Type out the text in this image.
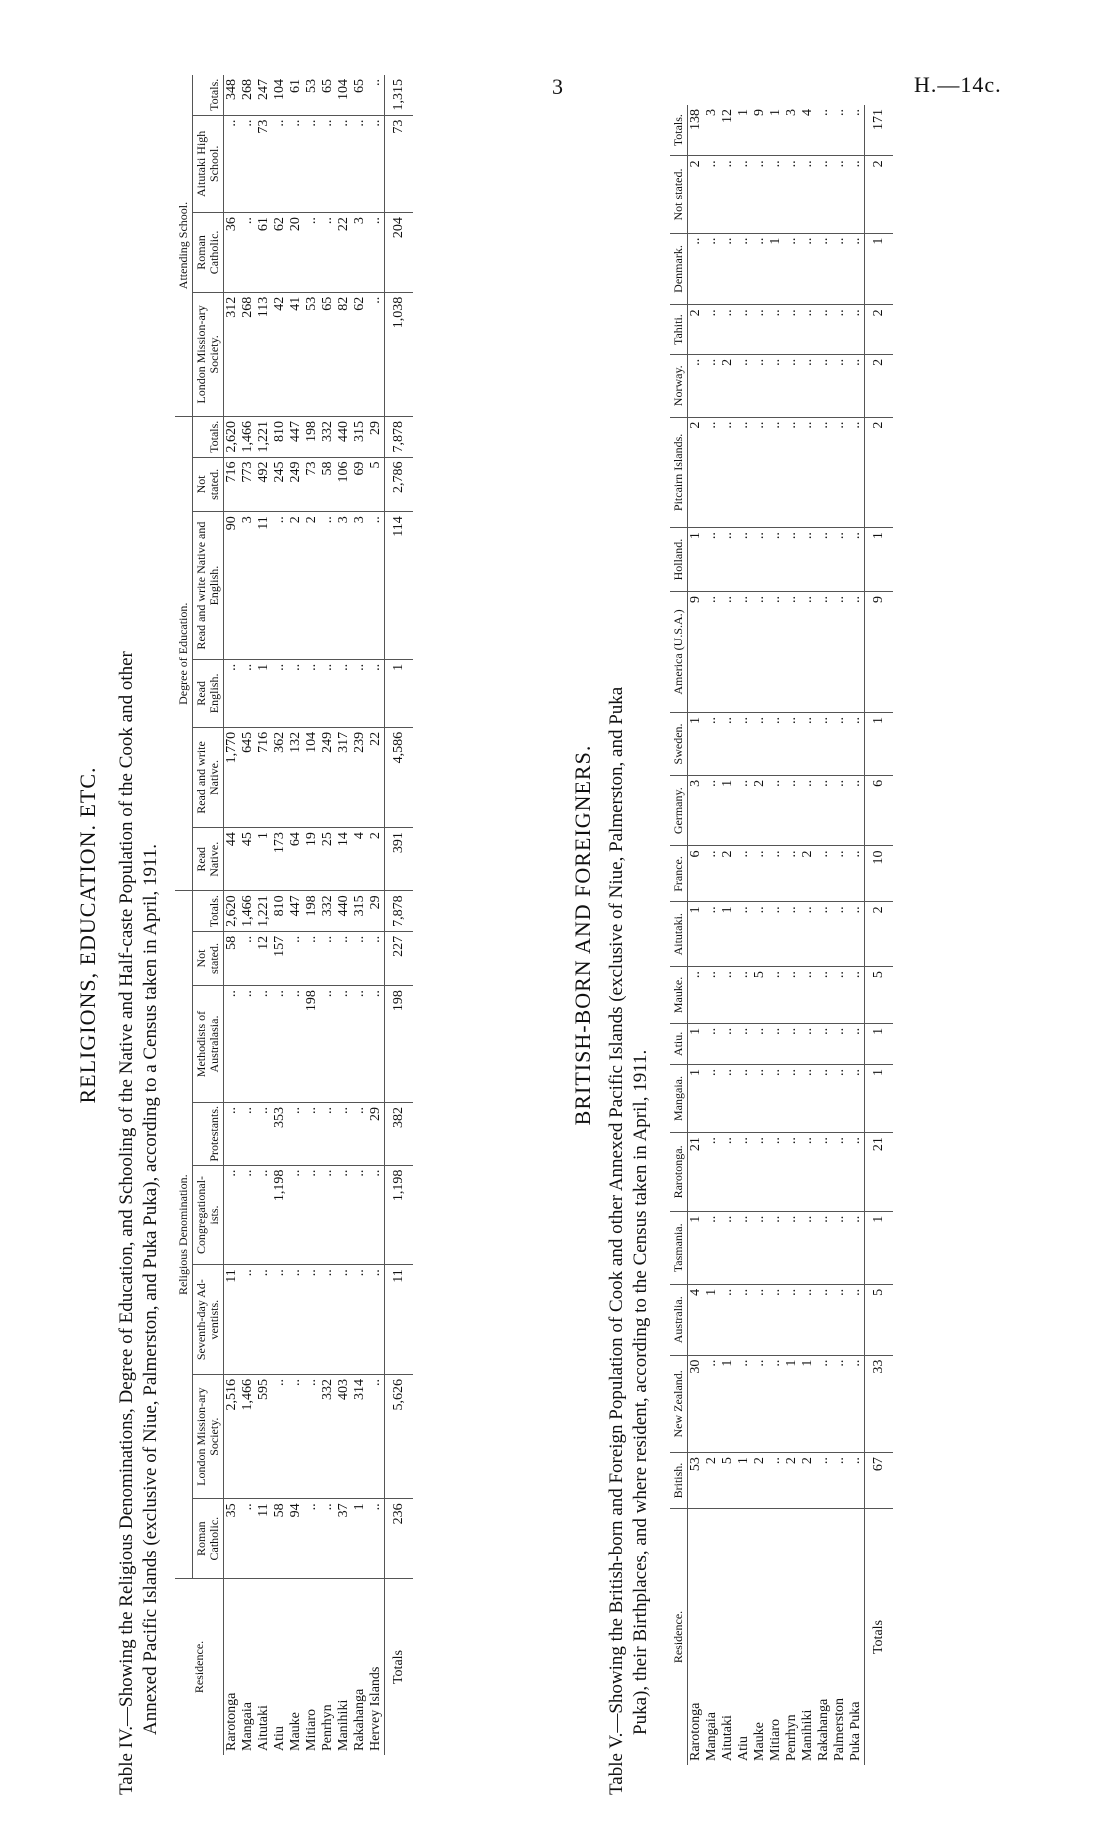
3	H.—14c.
RELIGIONS, EDUCATION. ETC. Table IV.—Showing the Religious Denominations, Degree of Education, and Schooling of the Native and Half-caste Population of the Cook and other Annexed Pacific Islands (exclusive of Niue, Palmerston, and Puka Puka), according to a Census taken in April, 1911.	Residence.	Religious Denomination.								Degree of Education.						Attending School.			
	Roman Catholic.	London Mission-ary Society.	Seventh-day Ad-ventists.	Congregational-ists.	Protestants.	Methodists of Australasia.	Not stated.	Totals.	Read Native.	Read and write Native.	Read English.	Read and write Native and English.	Not stated.	Totals.	London Mission-ary Society.	Roman Catholic.	Aitutaki High School.	Totals.
Rarotonga	35	2,516	11	..	..	..	58	2,620	44	1,770	..	90	716	2,620	312	36	..	348
Mangaia	..	1,466	..	..	..	..	..	1,466	45	645	..	3	773	1,466	268	..	..	268
Aitutaki	11	595	..	..	..	..	12	1,221	1	716	1	11	492	1,221	113	61	73	247
Atiu	58	..	..	1,198	353	..	157	810	173	362	..	..	245	810	42	62	..	104
Mauke	94	..	..	..	..	..	..	447	64	132	..	2	249	447	41	20	..	61
Mitiaro	..	..	..	..	..	198	..	198	19	104	..	2	73	198	53	..	..	53
Penrhyn	..	332	..	..	..	..	..	332	25	249	..	..	58	332	65	..	..	65
Manihiki	37	403	..	..	..	..	..	440	14	317	..	3	106	440	82	22	..	104
Rakahanga	1	314	..	..	..	..	..	315	4	239	..	3	69	315	62	3	..	65
Hervey Islands	..	..	..	..	29	..	..	29	2	22	..	..	5	29	..	..	..	..
Totals	236	5,626	11	1,198	382	198	227	7,878	391	4,586	1	114	2,786	7,878	1,038	204	73	1,315
BRITISH-BORN AND FOREIGNERS. Table V.—Showing the British-born and Foreign Population of Cook and other Annexed Pacific Islands (exclusive of Niue, Palmerston, and Puka Puka), their Birthplaces, and where resident, according to the Census taken in April, 1911. Residence.	British.	New Zealand.	Australia.	Tasmania.	Rarotonga.	Mangaia.	Atiu.	Mauke.	Aitutaki.	France.	Germany.	Sweden.	America (U.S.A.)	Holland.	Pitcairn Islands.	Norway.	Tahiti.	Denmark.	Not stated.	Totals.
Rarotonga	53	30	4	1	21	1	1	..	1	6	3	1	9	1	2	..	2	..	2	138
Mangaia	2	..	1	..	..	..	..	..	..	..	..	..	..	..	..	..	..	..	..	3
Aitutaki	5	1	..	..	..	..	..	..	1	2	1	..	..	..	..	2	..	..	..	12
Atiu	1	..	..	..	..	..	..	..	..	..	..	..	..	..	..	..	..	..	..	1
Mauke	2	..	..	..	..	..	..	5	..	..	2	..	..	..	..	..	..	..	..	9
Mitiaro	..	..	..	..	..	..	..	..	..	..	..	..	..	..	..	..	..	1	..	1
Penrhyn	2	1	..	..	..	..	..	..	..	..	..	..	..	..	..	..	..	..	..	3
Manihiki	2	1	..	..	..	..	..	..	..	2	..	..	..	..	..	..	..	..	..	4
Rakahanga	..	..	..	..	..	..	..	..	..	..	..	..	..	..	..	..	..	..	..	..
Palmerston	..	..	..	..	..	..	..	..	..	..	..	..	..	..	..	..	..	..	..	..
Puka Puka	..	..	..	..	..	..	..	..	..	..	..	..	..	..	..	..	..	..	..	..
Totals	67	33	5	1	21	1	1	5	2	10	6	1	9	1	2	2	2	1	2	171
